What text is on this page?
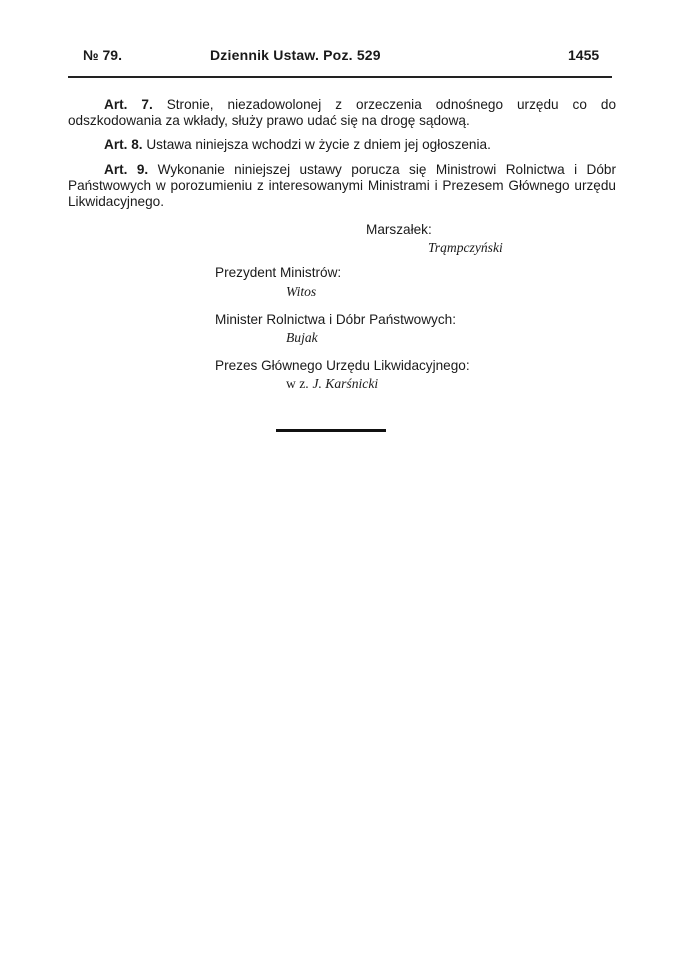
№ 79.	Dziennik Ustaw. Poz. 529	1455

Art. 7. Stronie, niezadowolonej z orzeczenia odnośnego urzędu co do odszkodowania za wkłady, służy prawo udać się na drogę sądową.

Art. 8. Ustawa niniejsza wchodzi w życie z dniem jej ogłoszenia.

Art. 9. Wykonanie niniejszej ustawy porucza się Ministrowi Rolnictwa i Dóbr Państwowych w porozumieniu z interesowanymi Ministrami i Prezesem Głównego urzędu Likwidacyjnego.

Marszałek:
Trąmpczyński
Prezydent Ministrów:
Witos
Minister Rolnictwa i Dóbr Państwowych:
Bujak
Prezes Głównego Urzędu Likwidacyjnego:
w z. J. Karśnicki
